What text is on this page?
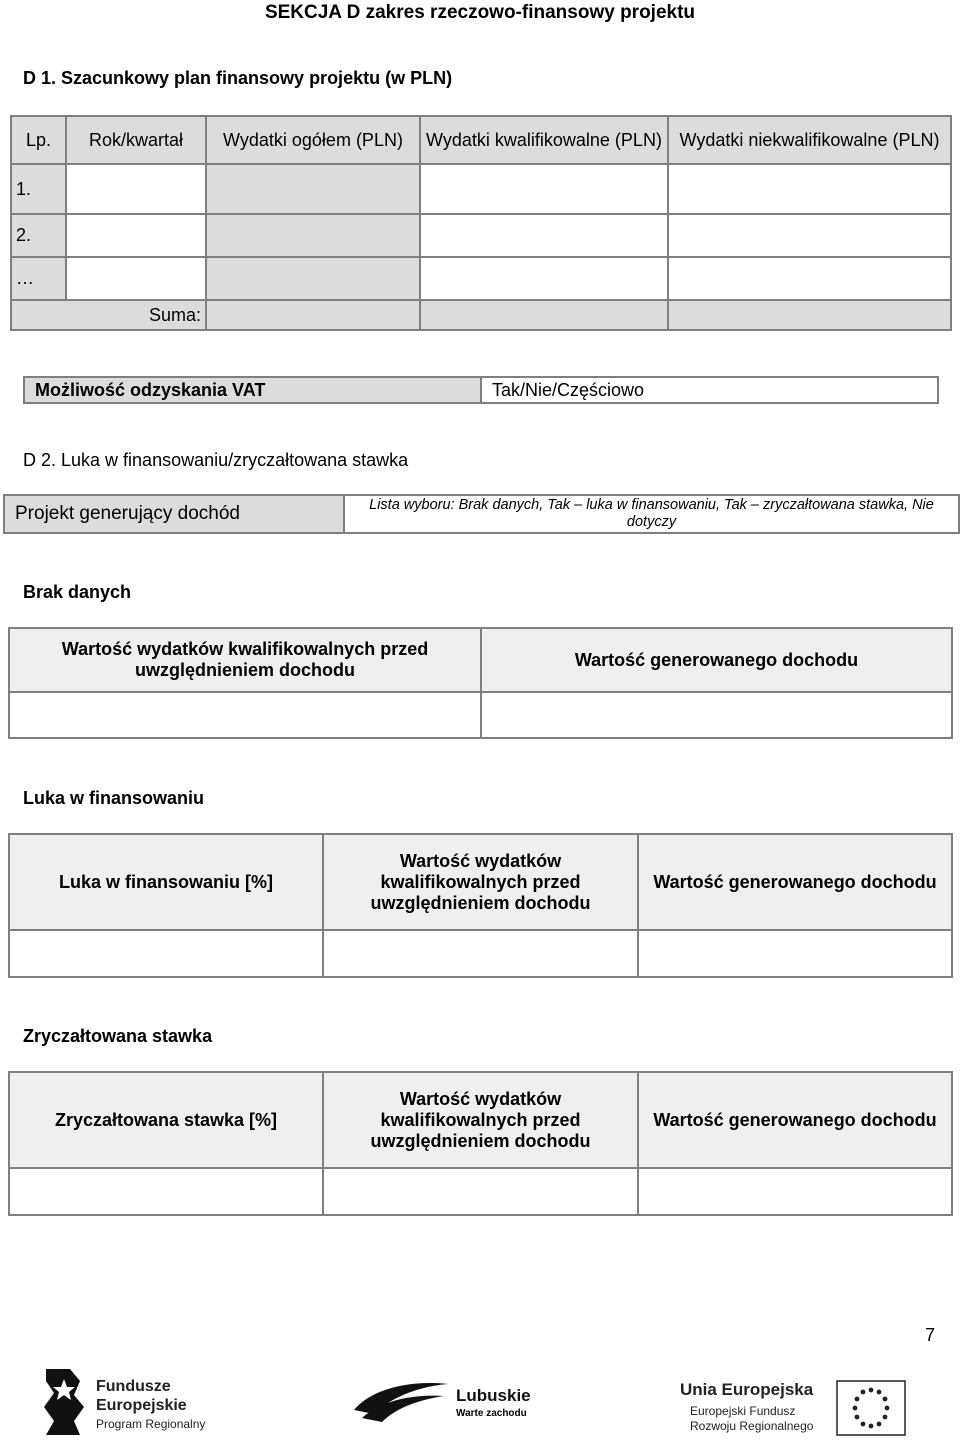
SEKCJA D zakres rzeczowo-finansowy projektu
D 1. Szacunkowy plan finansowy projektu (w PLN)
Lp.	Rok/kwartał	Wydatki ogółem (PLN)	Wydatki kwalifikowalne (PLN)	Wydatki niekwalifikowalne (PLN)
1.				
2.				
…				
Suma:				
Możliwość odzyskania VAT	Tak/Nie/Częściowo
D 2. Luka w finansowaniu/zryczałtowana stawka
Projekt generujący dochód	Lista wyboru: Brak danych, Tak – luka w finansowaniu, Tak – zryczałtowana stawka, Nie dotyczy
Brak danych
Wartość wydatków kwalifikowalnych przed uwzględnieniem dochodu	Wartość generowanego dochodu

Luka w finansowaniu
Luka w finansowaniu [%]	Wartość wydatków kwalifikowalnych przed uwzględnieniem dochodu	Wartość generowanego dochodu

Zryczałtowana stawka
Zryczałtowana stawka [%]	Wartość wydatków kwalifikowalnych przed uwzględnieniem dochodu	Wartość generowanego dochodu

7
Fundusze
Europejskie
Program Regionalny
Lubuskie
Warte zachodu
Unia Europejska
Europejski Fundusz
Rozwoju Regionalnego
